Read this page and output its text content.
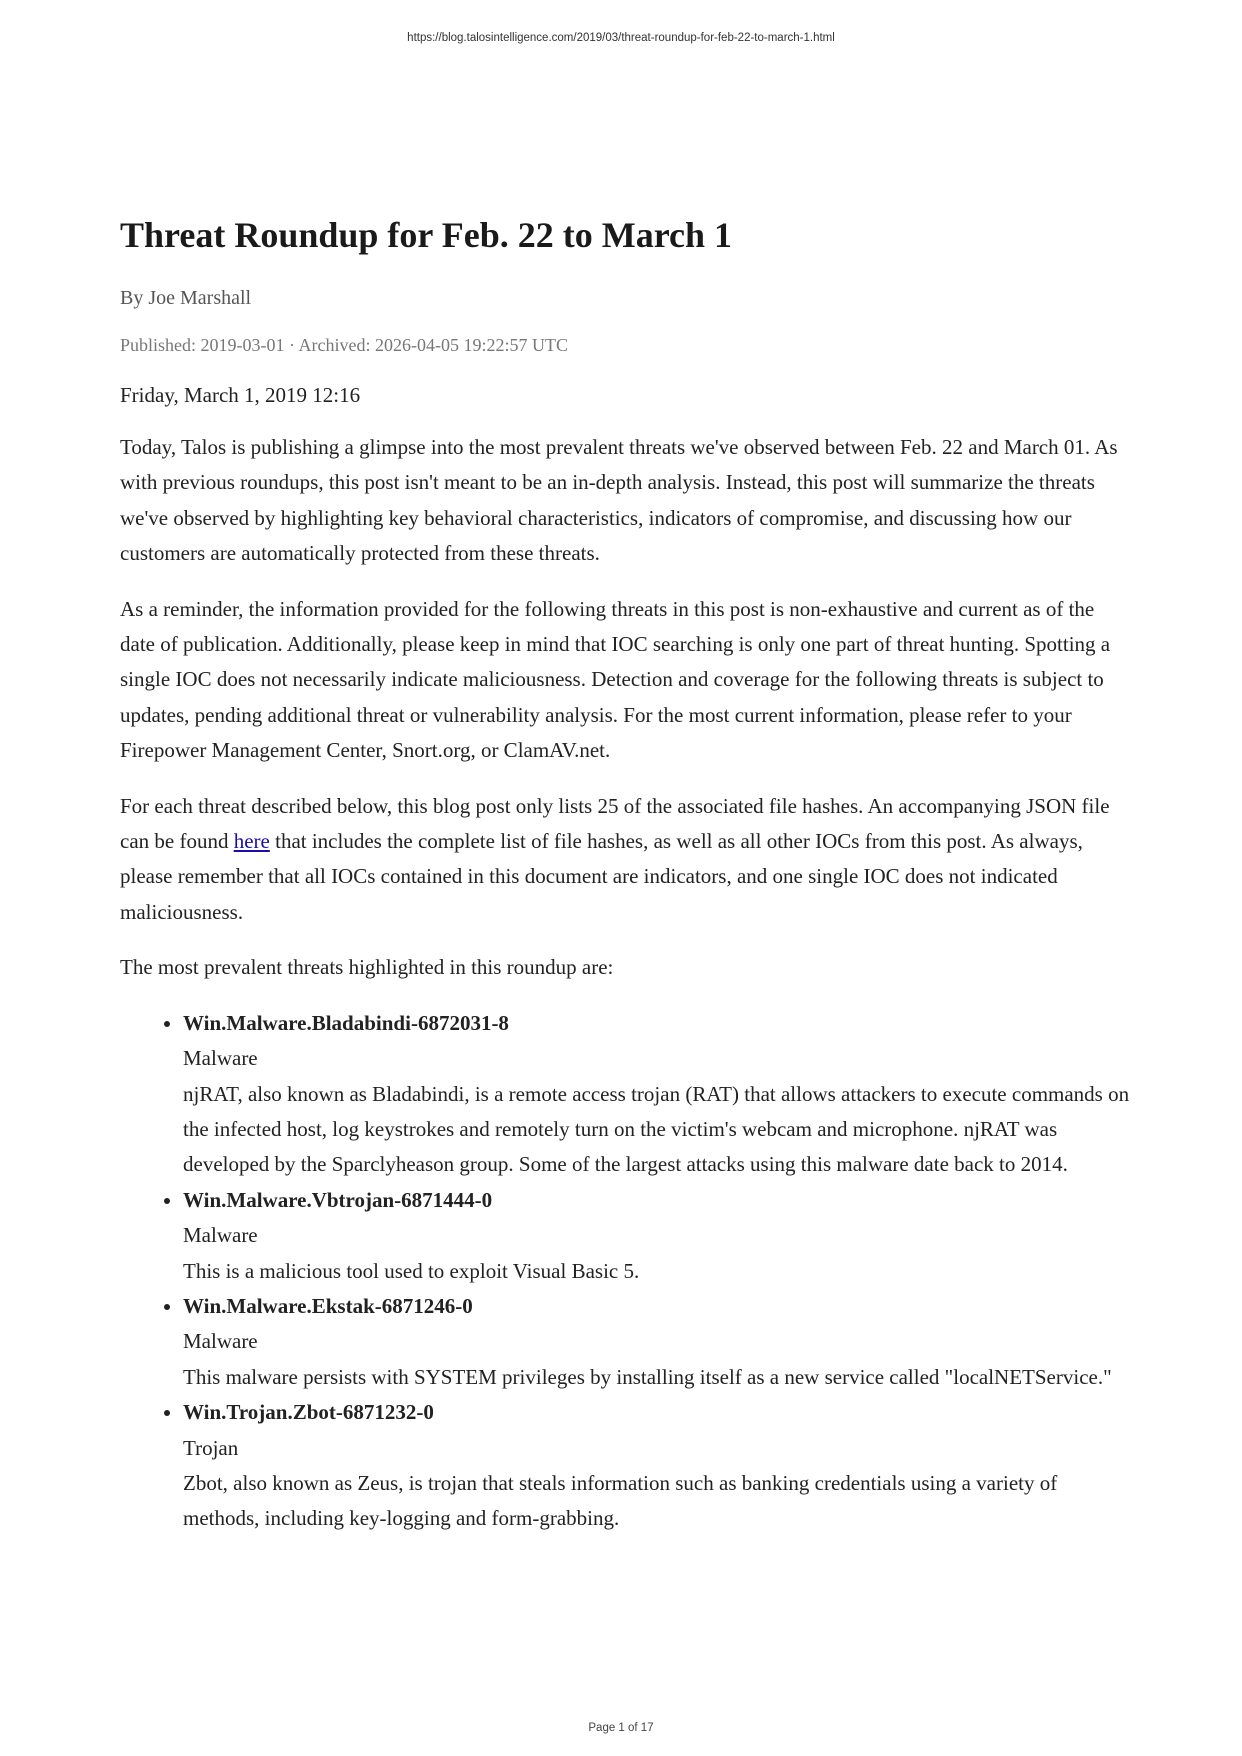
https://blog.talosintelligence.com/2019/03/threat-roundup-for-feb-22-to-march-1.html
Threat Roundup for Feb. 22 to March 1
By Joe Marshall
Published: 2019-03-01 · Archived: 2026-04-05 19:22:57 UTC
Friday, March 1, 2019 12:16

Today, Talos is publishing a glimpse into the most prevalent threats we've observed between Feb. 22 and March 01. As with previous roundups, this post isn't meant to be an in-depth analysis. Instead, this post will summarize the threats we've observed by highlighting key behavioral characteristics, indicators of compromise, and discussing how our customers are automatically protected from these threats.

As a reminder, the information provided for the following threats in this post is non-exhaustive and current as of the date of publication. Additionally, please keep in mind that IOC searching is only one part of threat hunting. Spotting a single IOC does not necessarily indicate maliciousness. Detection and coverage for the following threats is subject to updates, pending additional threat or vulnerability analysis. For the most current information, please refer to your Firepower Management Center, Snort.org, or ClamAV.net.

For each threat described below, this blog post only lists 25 of the associated file hashes. An accompanying JSON file can be found here that includes the complete list of file hashes, as well as all other IOCs from this post. As always, please remember that all IOCs contained in this document are indicators, and one single IOC does not indicated maliciousness.

The most prevalent threats highlighted in this roundup are:

• Win.Malware.Bladabindi-6872031-8
Malware
njRAT, also known as Bladabindi, is a remote access trojan (RAT) that allows attackers to execute commands on the infected host, log keystrokes and remotely turn on the victim's webcam and microphone. njRAT was developed by the Sparclyheason group. Some of the largest attacks using this malware date back to 2014.
• Win.Malware.Vbtrojan-6871444-0
Malware
This is a malicious tool used to exploit Visual Basic 5.
• Win.Malware.Ekstak-6871246-0
Malware
This malware persists with SYSTEM privileges by installing itself as a new service called "localNETService."
• Win.Trojan.Zbot-6871232-0
Trojan
Zbot, also known as Zeus, is trojan that steals information such as banking credentials using a variety of methods, including key-logging and form-grabbing.
Page 1 of 17
